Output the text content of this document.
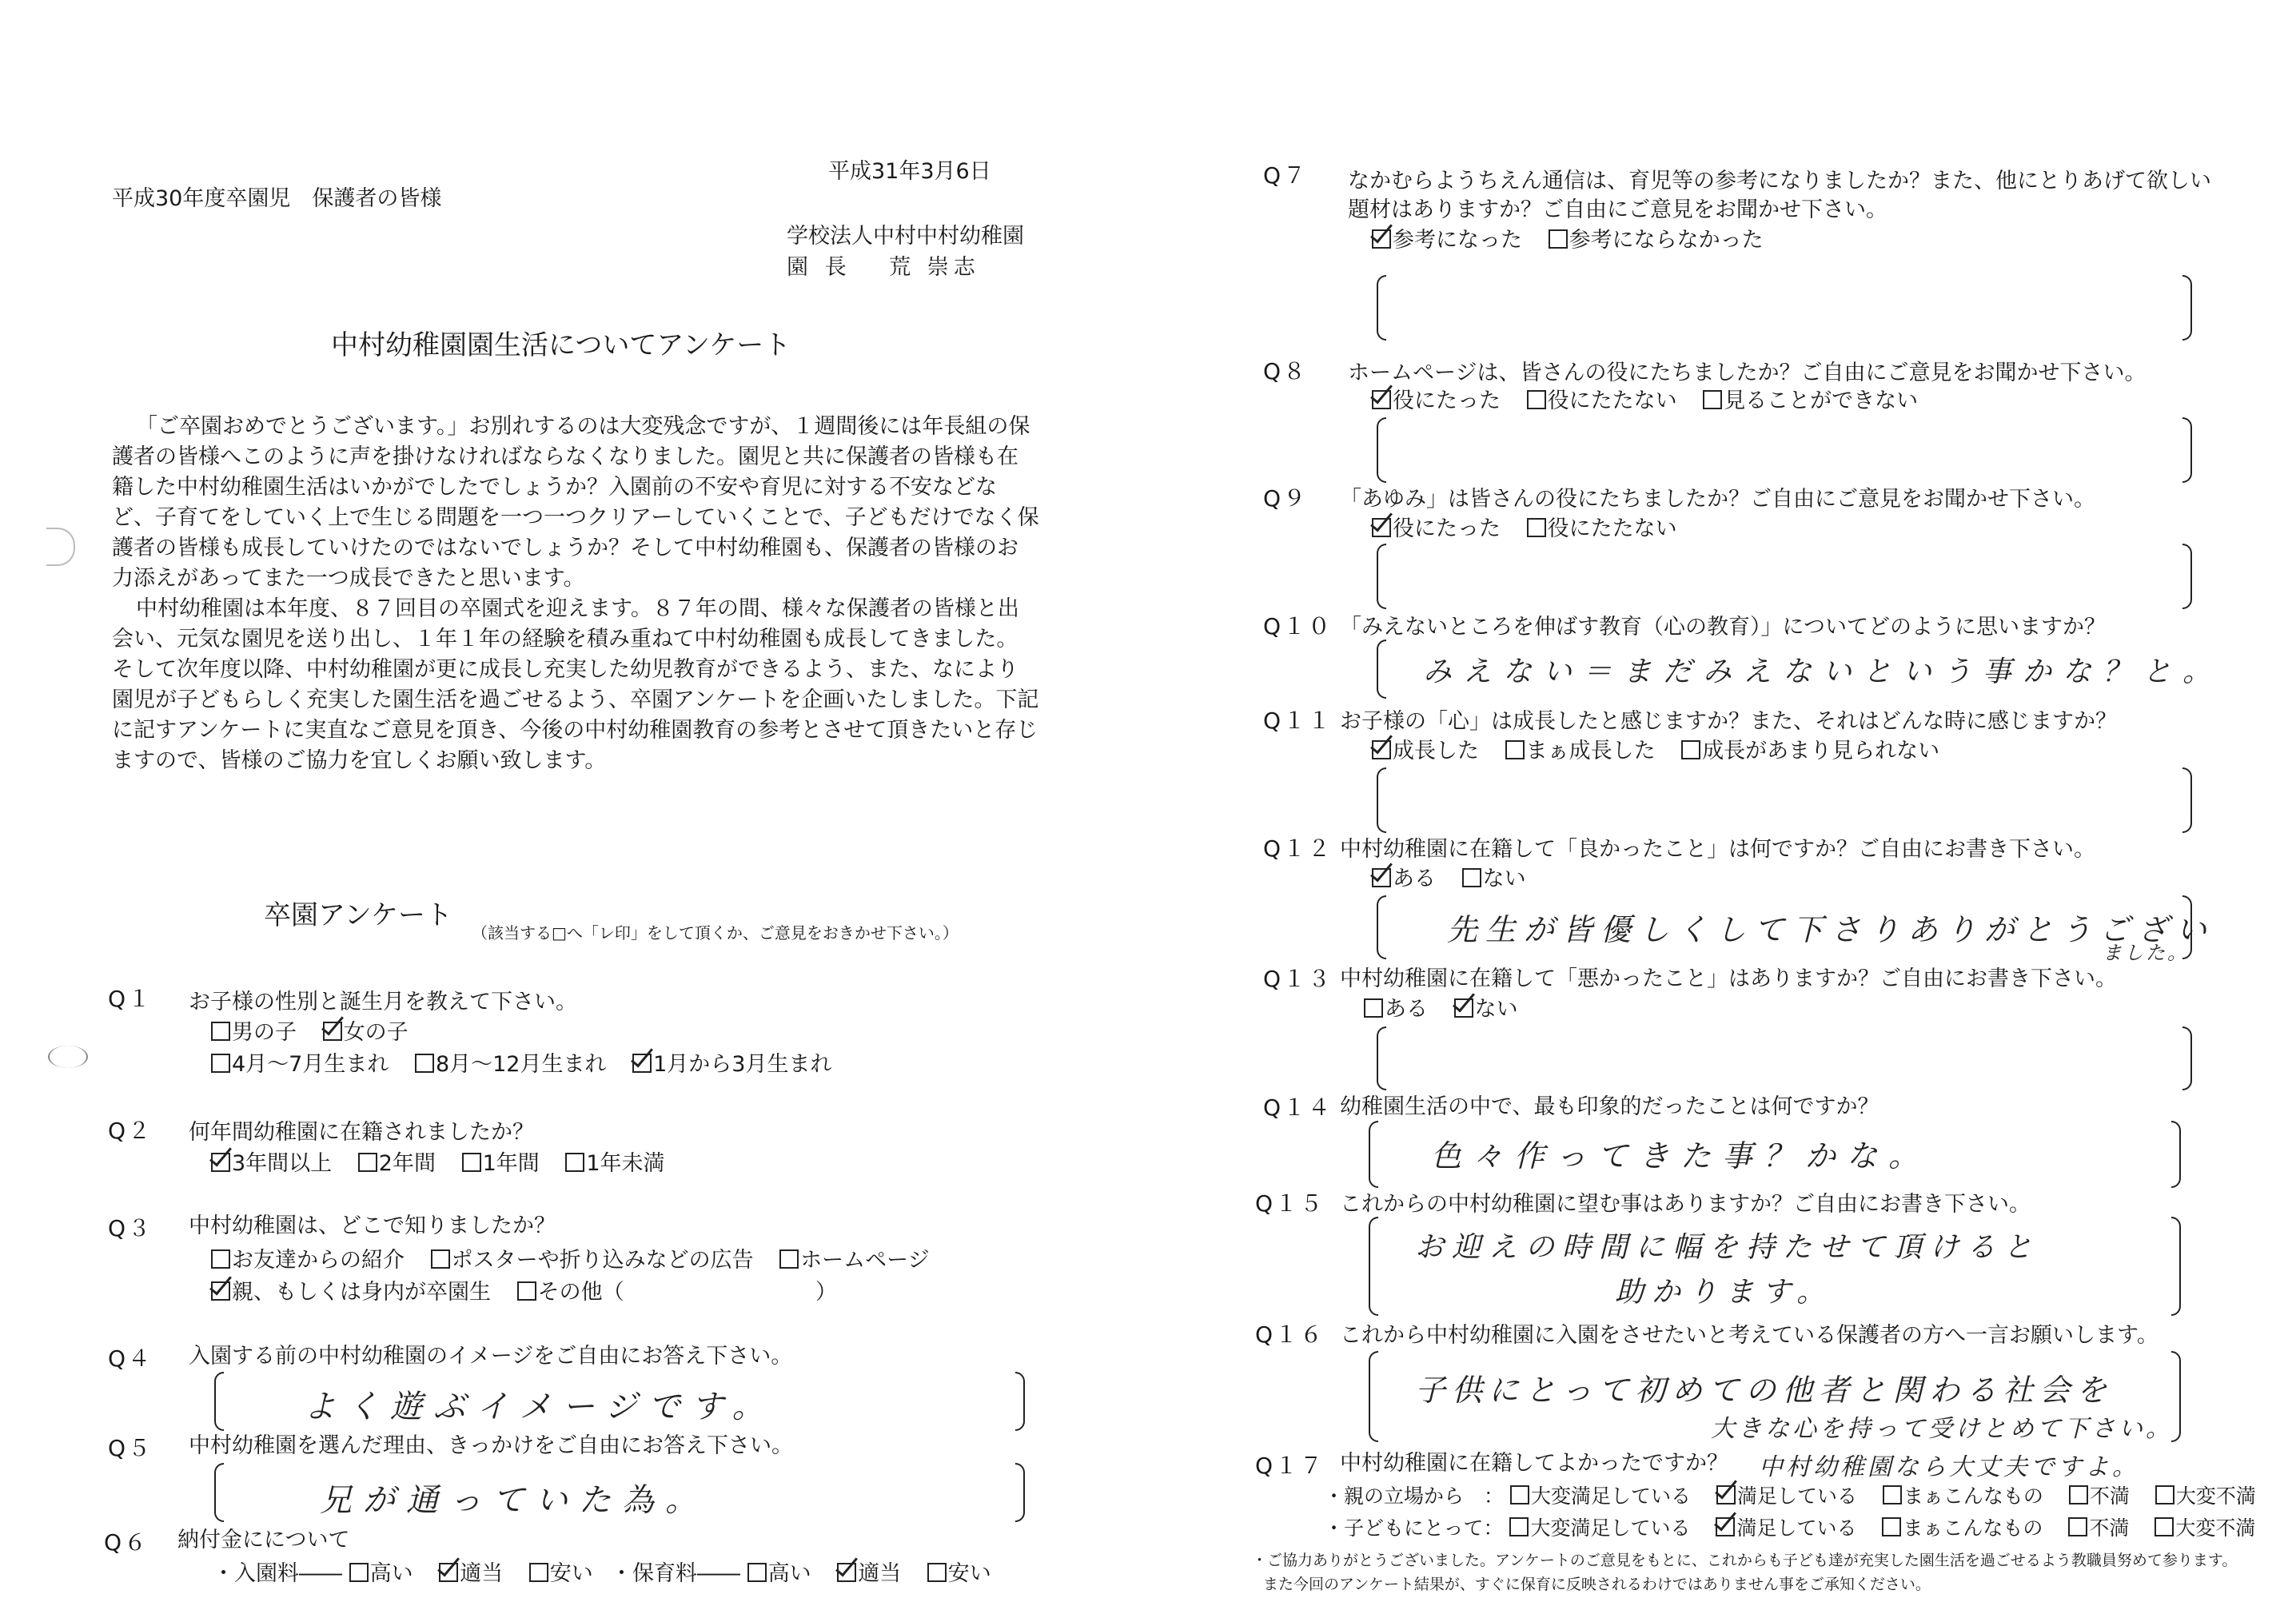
平成30年度卒園児　保護者の皆様
平成31年3月6日
学校法人中村中村幼稚園
園 長　 荒 崇志
中村幼稚園園生活についてアンケート
「ご卒園おめでとうございます。」お別れするのは大変残念ですが、１週間後には年長組の保護者の皆様へこのように声を掛けなければならなくなりました。園児と共に保護者の皆様も在籍した中村幼稚園生活はいかがでしたでしょうか？入園前の不安や育児に対する不安などなど、子育てをしていく上で生じる問題を一つ一つクリアーしていくことで、子どもだけでなく保護者の皆様も成長していけたのではないでしょうか？そして中村幼稚園も、保護者の皆様のお力添えがあってまた一つ成長できたと思います。
中村幼稚園は本年度、８７回目の卒園式を迎えます。８７年の間、様々な保護者の皆様と出会い、元気な園児を送り出し、１年１年の経験を積み重ねて中村幼稚園も成長してきました。そして次年度以降、中村幼稚園が更に成長し充実した幼児教育ができるよう、また、なにより園児が子どもらしく充実した園生活を過ごせるよう、卒園アンケートを企画いたしました。下記に記すアンケートに実直なご意見を頂き、今後の中村幼稚園教育の参考とさせて頂きたいと存じますので、皆様のご協力を宜しくお願い致します。
卒園アンケート
（該当する□へ「レ印」をして頂くか、ご意見をおきかせ下さい。）
Q１ お子様の性別と誕生月を教えて下さい。
男の子 女の子
4月～7月生まれ 8月～12月生まれ 1月から3月生まれ
Q２ 何年間幼稚園に在籍されましたか？
3年間以上 2年間 1年間 1年未満
Q３ 中村幼稚園は、どこで知りましたか？
お友達からの紹介 ポスターや折り込みなどの広告 ホームページ
親、もしくは身内が卒園生 その他（	）
Q４ 入園する前の中村幼稚園のイメージをご自由にお答え下さい。
よく遊ぶイメージです。
Q５ 中村幼稚園を選んだ理由、きっかけをご自由にお答え下さい。
兄が通っていた為。
Q６ 納付金にについて
・入園料―― 高い 適当 安い ・保育料―― 高い 適当 安い
Q７ なかむらようちえん通信は、育児等の参考になりましたか？また、他にとりあげて欲しい
題材はありますか？ご自由にご意見をお聞かせ下さい。
参考になった 参考にならなかった
Q８ ホームページは、皆さんの役にたちましたか？ご自由にご意見をお聞かせ下さい。
役にたった 役にたたない 見ることができない
Q９ 「あゆみ」は皆さんの役にたちましたか？ご自由にご意見をお聞かせ下さい。
役にたった 役にたたない
Q１０ 「みえないところを伸ばす教育（心の教育）」についてどのように思いますか？
みえない＝まだみえないという事かな？と。
Q１１ お子様の「心」は成長したと感じますか？また、それはどんな時に感じますか？
成長した まぁ成長した 成長があまり見られない
Q１２ 中村幼稚園に在籍して「良かったこと」は何ですか？ご自由にお書き下さい。
ある ない
先生が皆優しくして下さりありがとうござい
ました。
Q１３ 中村幼稚園に在籍して「悪かったこと」はありますか？ご自由にお書き下さい。
ある ない
Q１４ 幼稚園生活の中で、最も印象的だったことは何ですか？
色々作ってきた事？かな。
Q１５ これからの中村幼稚園に望む事はありますか？ご自由にお書き下さい。
お迎えの時間に幅を持たせて頂けると
助かります。
Q１６ これから中村幼稚園に入園をさせたいと考えている保護者の方へ一言お願いします。
子供にとって初めての他者と関わる社会を
大きな心を持って受けとめて下さい。
中村幼稚園なら大丈夫ですよ。
Q１７ 中村幼稚園に在籍してよかったですか？
・親の立場から　： 大変満足している 満足している まぁこんなもの 不満 大変不満
・子どもにとって： 大変満足している 満足している まぁこんなもの 不満 大変不満
・ご協力ありがとうございました。アンケートのご意見をもとに、これからも子ども達が充実した園生活を過ごせるよう教職員努めて参ります。
また今回のアンケート結果が、すぐに保育に反映されるわけではありません事をご承知ください。
